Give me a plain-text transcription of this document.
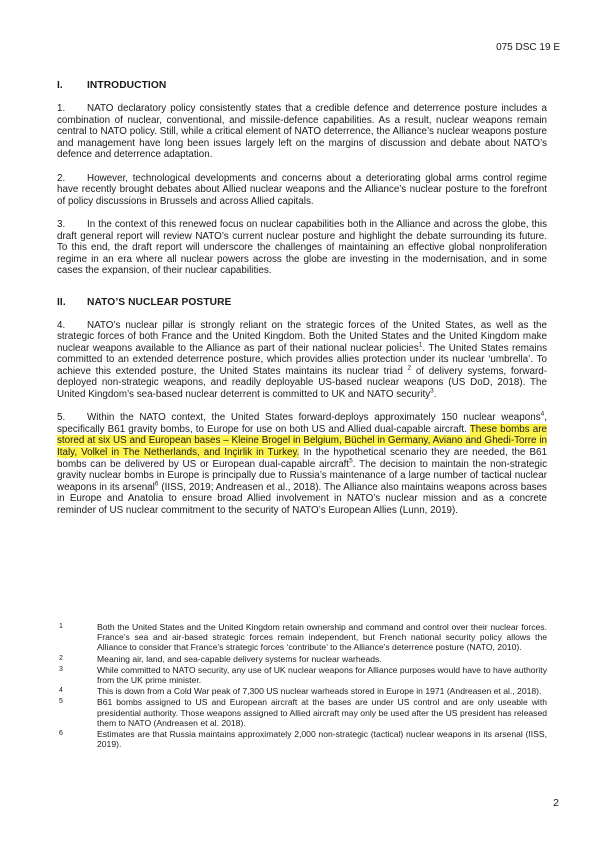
075 DSC 19 E
I. INTRODUCTION

1. NATO declaratory policy consistently states that a credible defence and deterrence posture includes a combination of nuclear, conventional, and missile-defence capabilities. As a result, nuclear weapons remain central to NATO policy. Still, while a critical element of NATO deterrence, the Alliance’s nuclear weapons posture and management have long been issues largely left on the margins of discussion and debate about NATO’s defence and deterrence adaptation.

2. However, technological developments and concerns about a deteriorating global arms control regime have recently brought debates about Allied nuclear weapons and the Alliance’s nuclear posture to the forefront of policy discussions in Brussels and across Allied capitals.

3. In the context of this renewed focus on nuclear capabilities both in the Alliance and across the globe, this draft general report will review NATO’s current nuclear posture and highlight the debate surrounding its future. To this end, the draft report will underscore the challenges of maintaining an effective global nonproliferation regime in an era where all nuclear powers across the globe are investing in the modernisation, and in some cases the expansion, of their nuclear capabilities.

II. NATO’S NUCLEAR POSTURE

4. NATO’s nuclear pillar is strongly reliant on the strategic forces of the United States, as well as the strategic forces of both France and the United Kingdom. Both the United States and the United Kingdom make nuclear weapons available to the Alliance as part of their national nuclear policies$^1$. The United States remains committed to an extended deterrence posture, which provides allies protection under its nuclear ‘umbrella’. To achieve this extended posture, the United States maintains its nuclear triad $^2$ of delivery systems, forward-deployed non-strategic weapons, and readily deployable US-based nuclear weapons (US DoD, 2018). The United Kingdom’s sea-based nuclear deterrent is committed to UK and NATO security$^3$.

5. Within the NATO context, the United States forward-deploys approximately 150 nuclear weapons$^4$, specifically B61 gravity bombs, to Europe for use on both US and Allied dual-capable aircraft. These bombs are stored at six US and European bases – Kleine Brogel in Belgium, Büchel in Germany, Aviano and Ghedi-Torre in Italy, Volkel in The Netherlands, and Inçirlik in Turkey. In the hypothetical scenario they are needed, the B61 bombs can be delivered by US or European dual-capable aircraft$^5$. The decision to maintain the non-strategic gravity nuclear bombs in Europe is principally due to Russia’s maintenance of a large number of tactical nuclear weapons in its arsenal$^6$ (IISS, 2019; Andreasen et al., 2018). The Alliance also maintains weapons across bases in Europe and Anatolia to ensure broad Allied involvement in NATO’s nuclear mission and as a concrete reminder of US nuclear commitment to the security of NATO’s European Allies (Lunn, 2019).

1	Both the United States and the United Kingdom retain ownership and command and control over their nuclear forces. France’s sea and air-based strategic forces remain independent, but French national security policy allows the Alliance to consider that France’s strategic forces ‘contribute’ to the Alliance’s deterrence posture (NATO, 2010).
2	Meaning air, land, and sea-capable delivery systems for nuclear warheads.
3	While committed to NATO security, any use of UK nuclear weapons for Alliance purposes would have to have authority from the UK prime minister.
4	This is down from a Cold War peak of 7,300 US nuclear warheads stored in Europe in 1971 (Andreasen et al., 2018).
5	B61 bombs assigned to US and European aircraft at the bases are under US control and are only useable with presidential authority. Those weapons assigned to Allied aircraft may only be used after the US president has released them to NATO (Andreasen et al. 2018).
6	Estimates are that Russia maintains approximately 2,000 non-strategic (tactical) nuclear weapons in its arsenal (IISS, 2019).
2
